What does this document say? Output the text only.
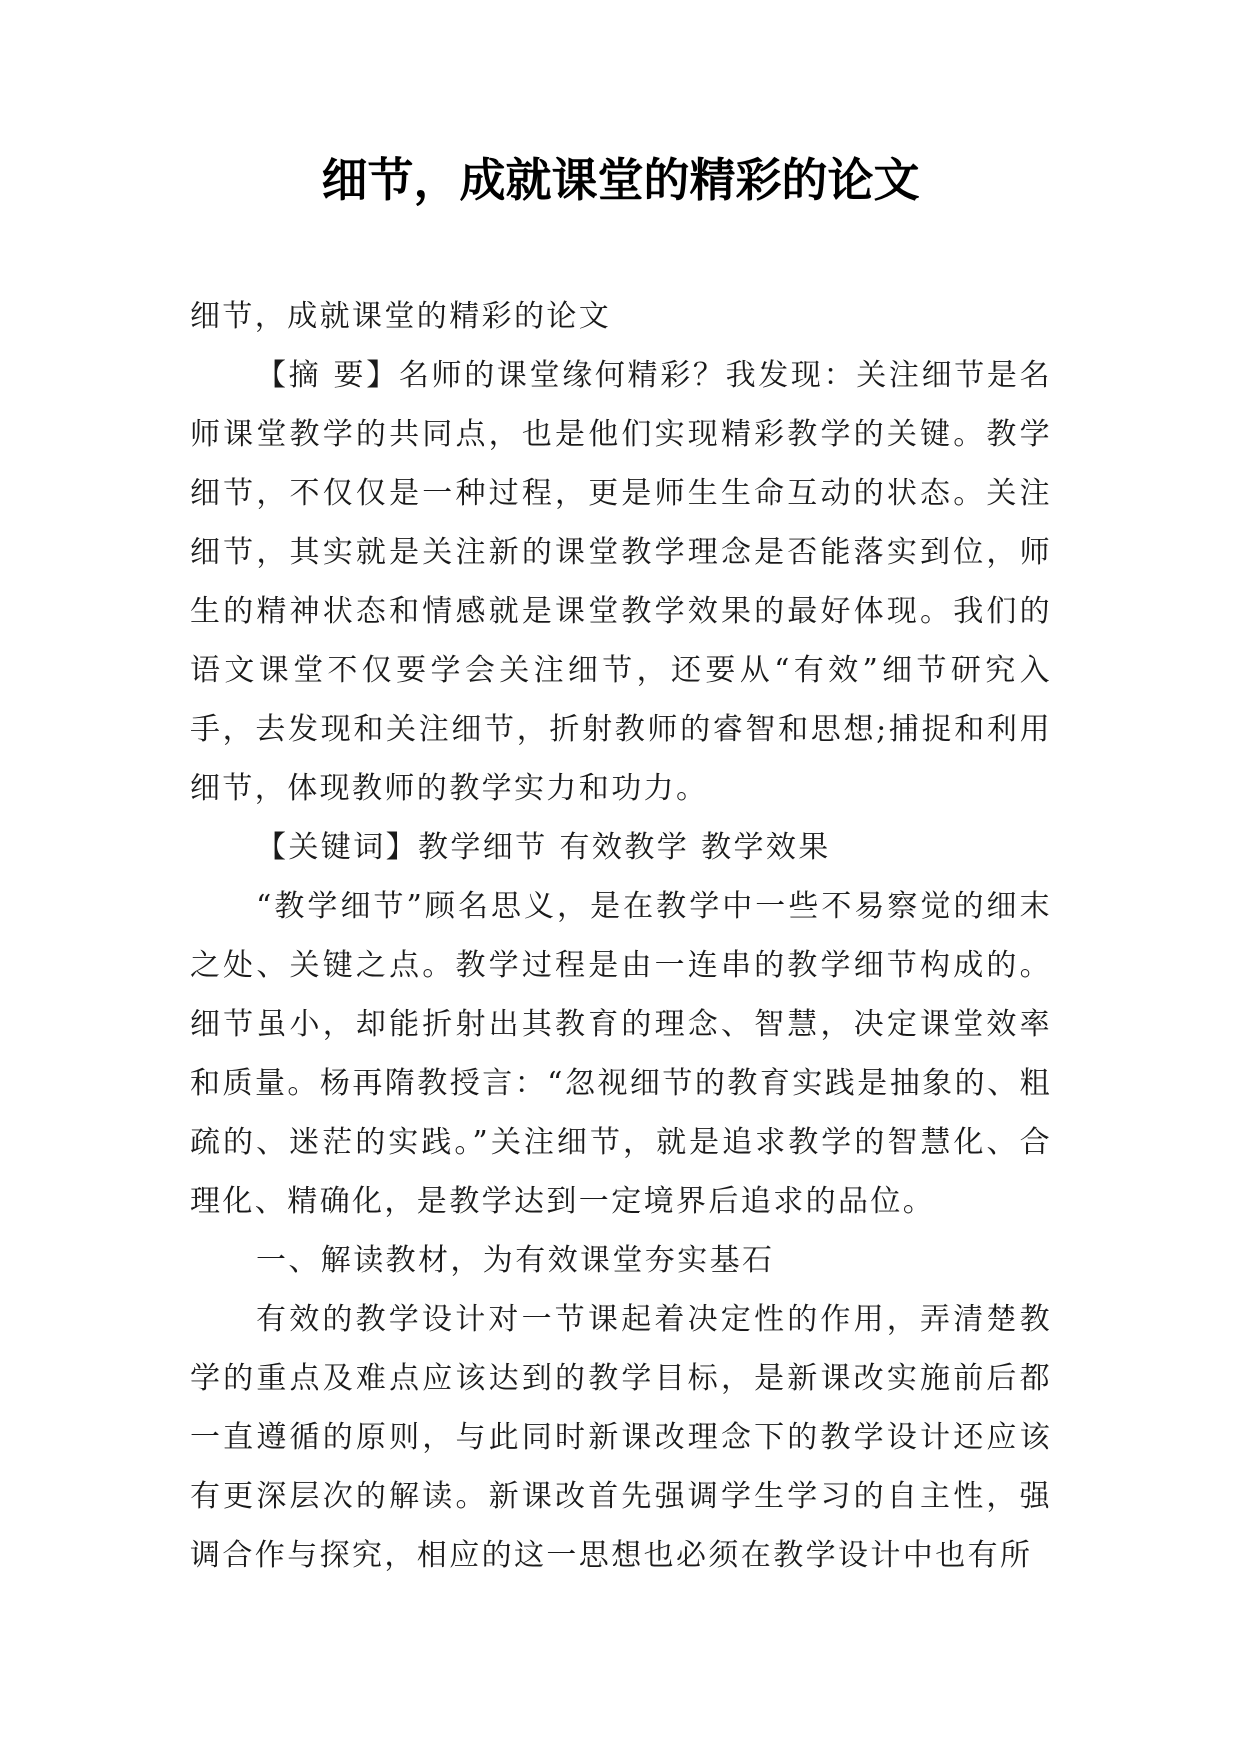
细节，成就课堂的精彩的论文

细节，成就课堂的精彩的论文

【摘 要】名师的课堂缘何精彩？我发现：关注细节是名师课堂教学的共同点，也是他们实现精彩教学的关键。教学细节，不仅仅是一种过程，更是师生生命互动的状态。关注细节，其实就是关注新的课堂教学理念是否能落实到位，师生的精神状态和情感就是课堂教学效果的最好体现。我们的语文课堂不仅要学会关注细节，还要从“有效”细节研究入手，去发现和关注细节，折射教师的睿智和思想;捕捉和利用细节，体现教师的教学实力和功力。

【关键词】教学细节 有效教学 教学效果

“教学细节”顾名思义，是在教学中一些不易察觉的细末之处、关键之点。教学过程是由一连串的教学细节构成的。细节虽小，却能折射出其教育的理念、智慧，决定课堂效率和质量。杨再隋教授言：“忽视细节的教育实践是抽象的、粗疏的、迷茫的实践。”关注细节，就是追求教学的智慧化、合理化、精确化，是教学达到一定境界后追求的品位。

一、解读教材，为有效课堂夯实基石

有效的教学设计对一节课起着决定性的作用，弄清楚教学的重点及难点应该达到的教学目标，是新课改实施前后都一直遵循的原则，与此同时新课改理念下的教学设计还应该有更深层次的解读。新课改首先强调学生学习的自主性，强调合作与探究，相应的这一思想也必须在教学设计中也有所
